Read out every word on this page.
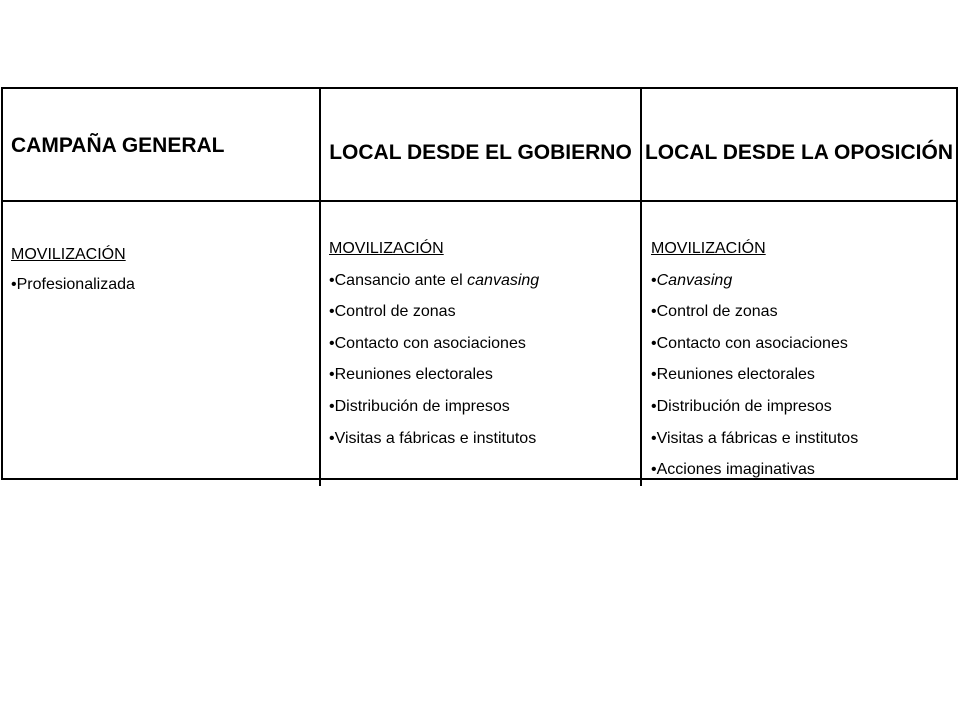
CAMPAÑA GENERAL	LOCAL DESDE EL GOBIERNO LOCAL DESDE LA OPOSICIÓN
MOVILIZACIÓN
•Profesionalizada
MOVILIZACIÓN
•Cansancio ante el canvasing
•Control de zonas
•Contacto con asociaciones
•Reuniones electorales
•Distribución de impresos
•Visitas a fábricas e institutos
MOVILIZACIÓN
•Canvasing
•Control de zonas
•Contacto con asociaciones
•Reuniones electorales
•Distribución de impresos
•Visitas a fábricas e institutos
•Acciones imaginativas
